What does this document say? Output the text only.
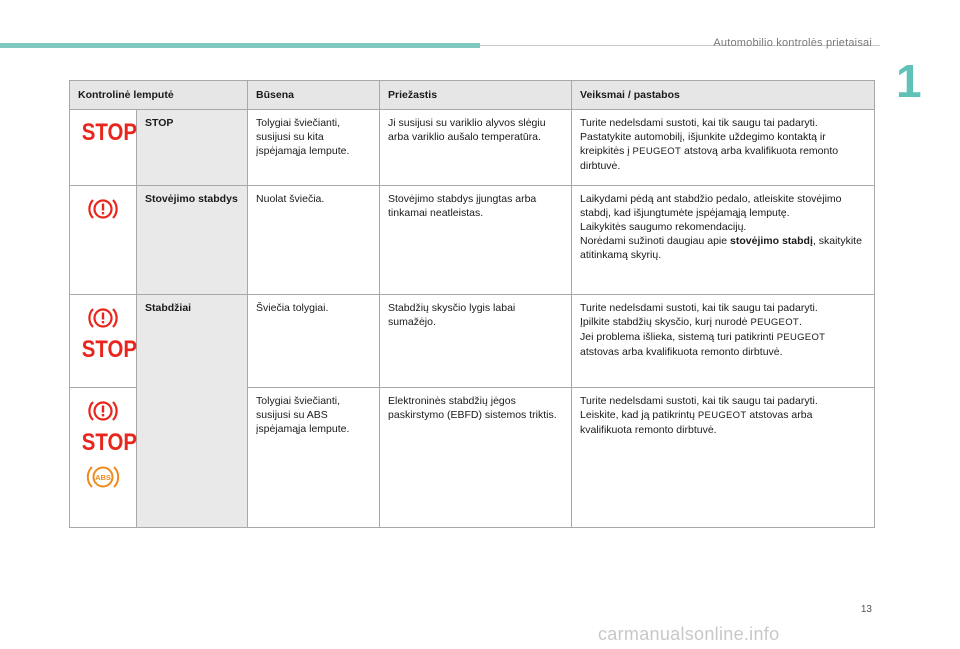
Automobilio kontrolės prietaisai
1
Kontrolinė lemputė		Būsena	Priežastis	Veiksmai / pastabos

STOP	STOP	Tolygiai šviečianti, susijusi su kita įspėjamąja lempute.	Ji susijusi su variklio alyvos slėgiu arba variklio aušalo temperatūra.	Turite nedelsdami sustoti, kai tik saugu tai padaryti.
Pastatykite automobilį, išjunkite uždegimo kontaktą ir kreipkitės į PEUGEOT atstovą arba kvalifikuota remonto dirbtuvė.

	Stovėjimo stabdys	Nuolat šviečia.	Stovėjimo stabdys įjungtas arba tinkamai neatleistas.	Laikydami pėdą ant stabdžio pedalo, atleiskite stovėjimo stabdį, kad išjungtumėte įspėjamąją lemputę.
Laikykitės saugumo rekomendacijų.
Norėdami sužinoti daugiau apie stovėjimo stabdį, skaitykite atitinkamą skyrių.

STOP	Stabdžiai	Šviečia tolygiai.	Stabdžių skysčio lygis labai sumažėjo.	Turite nedelsdami sustoti, kai tik saugu tai padaryti.
Įpilkite stabdžių skysčio, kurį nurodė PEUGEOT.
Jei problema išlieka, sistemą turi patikrinti PEUGEOT atstovas arba kvalifikuota remonto dirbtuvė.

STOP
ABS		Tolygiai šviečianti, susijusi su ABS įspėjamąja lempute.	Elektroninės stabdžių jėgos paskirstymo (EBFD) sistemos triktis.	Turite nedelsdami sustoti, kai tik saugu tai padaryti.
Leiskite, kad ją patikrintų PEUGEOT atstovas arba kvalifikuota remonto dirbtuvė.
13
carmanualsonline.info
